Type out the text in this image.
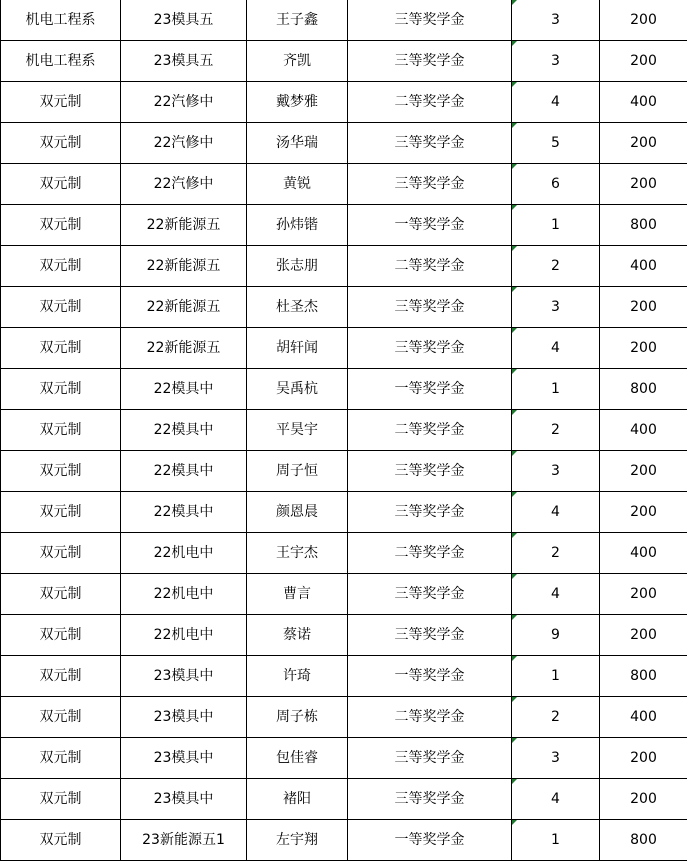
机电工程系	23模具五	王子鑫	三等奖学金	3	200
机电工程系	23模具五	齐凯	三等奖学金	3	200
双元制	22汽修中	戴梦雅	二等奖学金	4	400
双元制	22汽修中	汤华瑞	三等奖学金	5	200
双元制	22汽修中	黄锐	三等奖学金	6	200
双元制	22新能源五	孙炜锴	一等奖学金	1	800
双元制	22新能源五	张志朋	二等奖学金	2	400
双元制	22新能源五	杜圣杰	三等奖学金	3	200
双元制	22新能源五	胡轩闻	三等奖学金	4	200
双元制	22模具中	吴禹杭	一等奖学金	1	800
双元制	22模具中	平昊宇	二等奖学金	2	400
双元制	22模具中	周子恒	三等奖学金	3	200
双元制	22模具中	颜恩晨	三等奖学金	4	200
双元制	22机电中	王宇杰	二等奖学金	2	400
双元制	22机电中	曹言	三等奖学金	4	200
双元制	22机电中	蔡诺	三等奖学金	9	200
双元制	23模具中	许琦	一等奖学金	1	800
双元制	23模具中	周子栋	二等奖学金	2	400
双元制	23模具中	包佳睿	三等奖学金	3	200
双元制	23模具中	褚阳	三等奖学金	4	200
双元制	23新能源五1	左宇翔	一等奖学金	1	800
